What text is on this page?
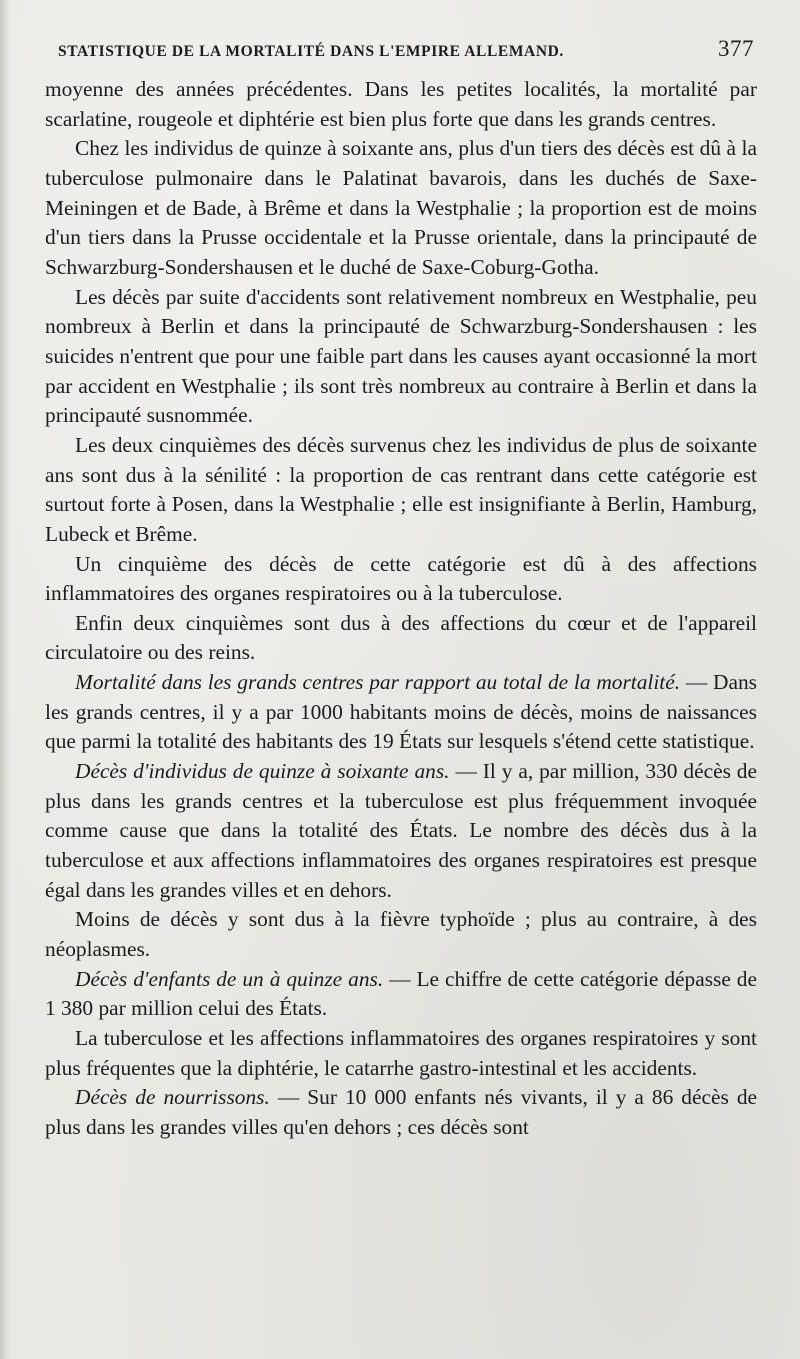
STATISTIQUE DE LA MORTALITÉ DANS L'EMPIRE ALLEMAND.	377

moyenne des années précédentes. Dans les petites localités, la mortalité par scarlatine, rougeole et diphtérie est bien plus forte que dans les grands centres.

Chez les individus de quinze à soixante ans, plus d'un tiers des décès est dû à la tuberculose pulmonaire dans le Palatinat bavarois, dans les duchés de Saxe-Meiningen et de Bade, à Brême et dans la Westphalie ; la proportion est de moins d'un tiers dans la Prusse occidentale et la Prusse orientale, dans la principauté de Schwarzburg-Sondershausen et le duché de Saxe-Coburg-Gotha.

Les décès par suite d'accidents sont relativement nombreux en Westphalie, peu nombreux à Berlin et dans la principauté de Schwarzburg-Sondershausen : les suicides n'entrent que pour une faible part dans les causes ayant occasionné la mort par accident en Westphalie ; ils sont très nombreux au contraire à Berlin et dans la principauté susnommée.

Les deux cinquièmes des décès survenus chez les individus de plus de soixante ans sont dus à la sénilité : la proportion de cas rentrant dans cette catégorie est surtout forte à Posen, dans la Westphalie ; elle est insignifiante à Berlin, Hamburg, Lubeck et Brême.

Un cinquième des décès de cette catégorie est dû à des affections inflammatoires des organes respiratoires ou à la tuberculose.

Enfin deux cinquièmes sont dus à des affections du cœur et de l'appareil circulatoire ou des reins.

Mortalité dans les grands centres par rapport au total de la mortalité. — Dans les grands centres, il y a par 1000 habitants moins de décès, moins de naissances que parmi la totalité des habitants des 19 États sur lesquels s'étend cette statistique.

Décès d'individus de quinze à soixante ans. — Il y a, par million, 330 décès de plus dans les grands centres et la tuberculose est plus fréquemment invoquée comme cause que dans la totalité des États. Le nombre des décès dus à la tuberculose et aux affections inflammatoires des organes respiratoires est presque égal dans les grandes villes et en dehors.

Moins de décès y sont dus à la fièvre typhoïde ; plus au contraire, à des néoplasmes.

Décès d'enfants de un à quinze ans. — Le chiffre de cette catégorie dépasse de 1 380 par million celui des États.

La tuberculose et les affections inflammatoires des organes respiratoires y sont plus fréquentes que la diphtérie, le catarrhe gastro-intestinal et les accidents.

Décès de nourrissons. — Sur 10 000 enfants nés vivants, il y a 86 décès de plus dans les grandes villes qu'en dehors ; ces décès sont
